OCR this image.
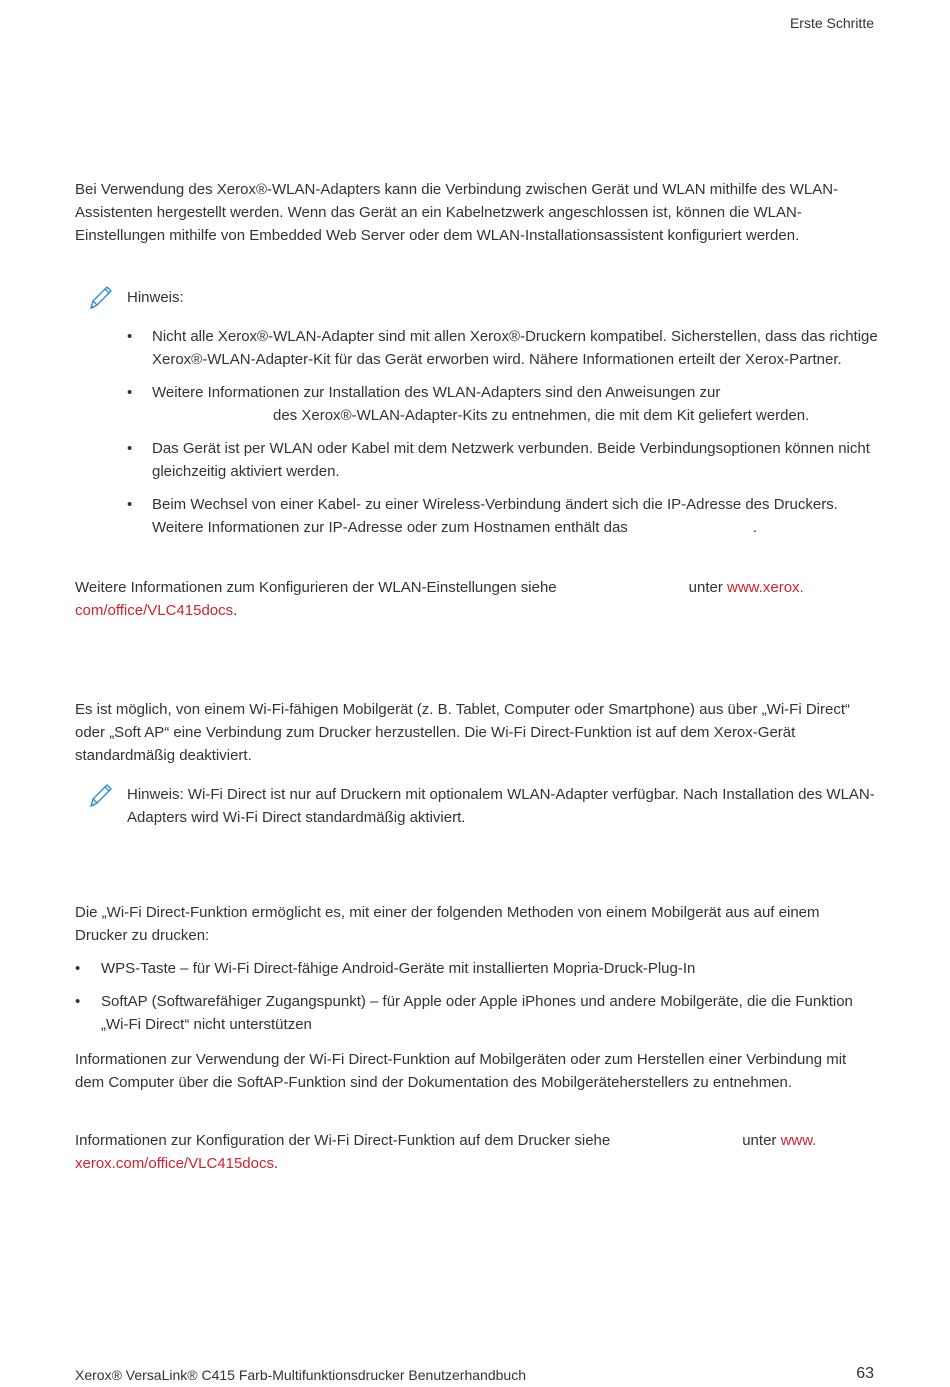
Erste Schritte

Bei Verwendung des Xerox®-WLAN-Adapters kann die Verbindung zwischen Gerät und WLAN mithilfe des WLAN-Assistenten hergestellt werden. Wenn das Gerät an ein Kabelnetzwerk angeschlossen ist, können die WLAN-Einstellungen mithilfe von Embedded Web Server oder dem WLAN-Installationsassistent konfiguriert werden.

Hinweis:
• Nicht alle Xerox®-WLAN-Adapter sind mit allen Xerox®-Druckern kompatibel. Sicherstellen, dass das richtige Xerox®-WLAN-Adapter-Kit für das Gerät erworben wird. Nähere Informationen erteilt der Xerox-Partner.
• Weitere Informationen zur Installation des WLAN-Adapters sind den Anweisungen zur
des Xerox®-WLAN-Adapter-Kits zu entnehmen, die mit dem Kit geliefert werden.
• Das Gerät ist per WLAN oder Kabel mit dem Netzwerk verbunden. Beide Verbindungsoptionen können nicht gleichzeitig aktiviert werden.
• Beim Wechsel von einer Kabel- zu einer Wireless-Verbindung ändert sich die IP-Adresse des Druckers.
Weitere Informationen zur IP-Adresse oder zum Hostnamen enthält das	.

Weitere Informationen zum Konfigurieren der WLAN-Einstellungen siehe	unter www.xerox.
com/office/VLC415docs.

Es ist möglich, von einem Wi-Fi-fähigen Mobilgerät (z. B. Tablet, Computer oder Smartphone) aus über „Wi-Fi Direct“ oder „Soft AP“ eine Verbindung zum Drucker herzustellen. Die Wi-Fi Direct-Funktion ist auf dem Xerox-Gerät standardmäßig deaktiviert.

Hinweis: Wi-Fi Direct ist nur auf Druckern mit optionalem WLAN-Adapter verfügbar. Nach Installation des WLAN-Adapters wird Wi-Fi Direct standardmäßig aktiviert.

Die „Wi-Fi Direct-Funktion ermöglicht es, mit einer der folgenden Methoden von einem Mobilgerät aus auf einem Drucker zu drucken:

• WPS-Taste – für Wi-Fi Direct-fähige Android-Geräte mit installierten Mopria-Druck-Plug-In
• SoftAP (Softwarefähiger Zugangspunkt) – für Apple oder Apple iPhones und andere Mobilgeräte, die die Funktion „Wi-Fi Direct“ nicht unterstützen

Informationen zur Verwendung der Wi-Fi Direct-Funktion auf Mobilgeräten oder zum Herstellen einer Verbindung mit dem Computer über die SoftAP-Funktion sind der Dokumentation des Mobilgeräteherstellers zu entnehmen.

Informationen zur Konfiguration der Wi-Fi Direct-Funktion auf dem Drucker siehe	unter www.
xerox.com/office/VLC415docs.

Xerox® VersaLink® C415 Farb-Multifunktionsdrucker Benutzerhandbuch	63
